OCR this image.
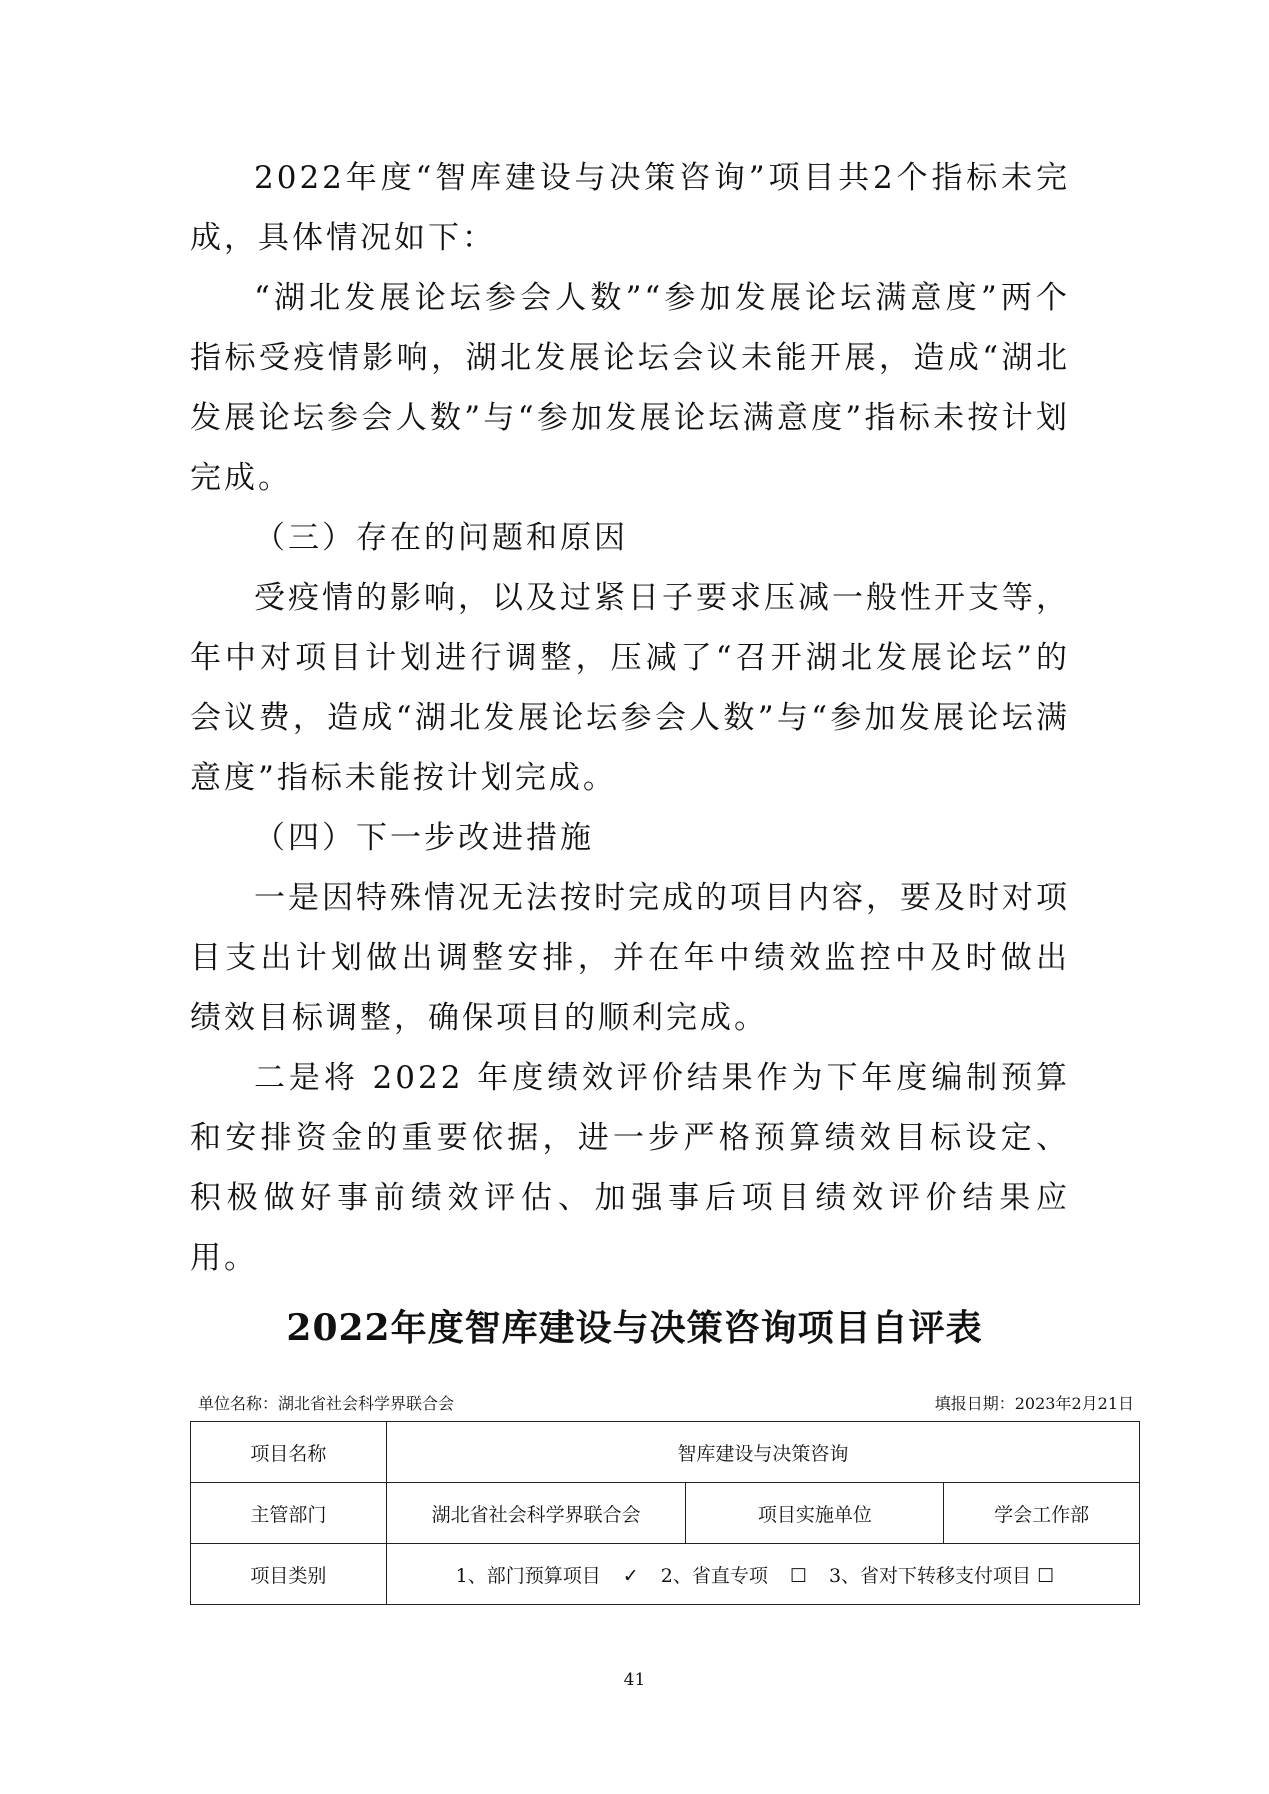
2022年度“智库建设与决策咨询”项目共2个指标未完成，具体情况如下：

“湖北发展论坛参会人数”“参加发展论坛满意度”两个指标受疫情影响，湖北发展论坛会议未能开展，造成“湖北发展论坛参会人数”与“参加发展论坛满意度”指标未按计划完成。

（三）存在的问题和原因

受疫情的影响，以及过紧日子要求压减一般性开支等，年中对项目计划进行调整，压减了“召开湖北发展论坛”的会议费，造成“湖北发展论坛参会人数”与“参加发展论坛满意度”指标未能按计划完成。

（四）下一步改进措施

一是因特殊情况无法按时完成的项目内容，要及时对项目支出计划做出调整安排，并在年中绩效监控中及时做出绩效目标调整，确保项目的顺利完成。

二是将 2022 年度绩效评价结果作为下年度编制预算和安排资金的重要依据，进一步严格预算绩效目标设定、积极做好事前绩效评估、加强事后项目绩效评价结果应用。

2022年度智库建设与决策咨询项目自评表
单位名称：湖北省社会科学界联合会	填报日期：2023年2月21日
项目名称	智库建设与决策咨询		
主管部门	湖北省社会科学界联合会	项目实施单位	学会工作部
项目类别	1、部门预算项目 ✓ 2、省直专项 ☐ 3、省对下转移支付项目 ☐		
41
